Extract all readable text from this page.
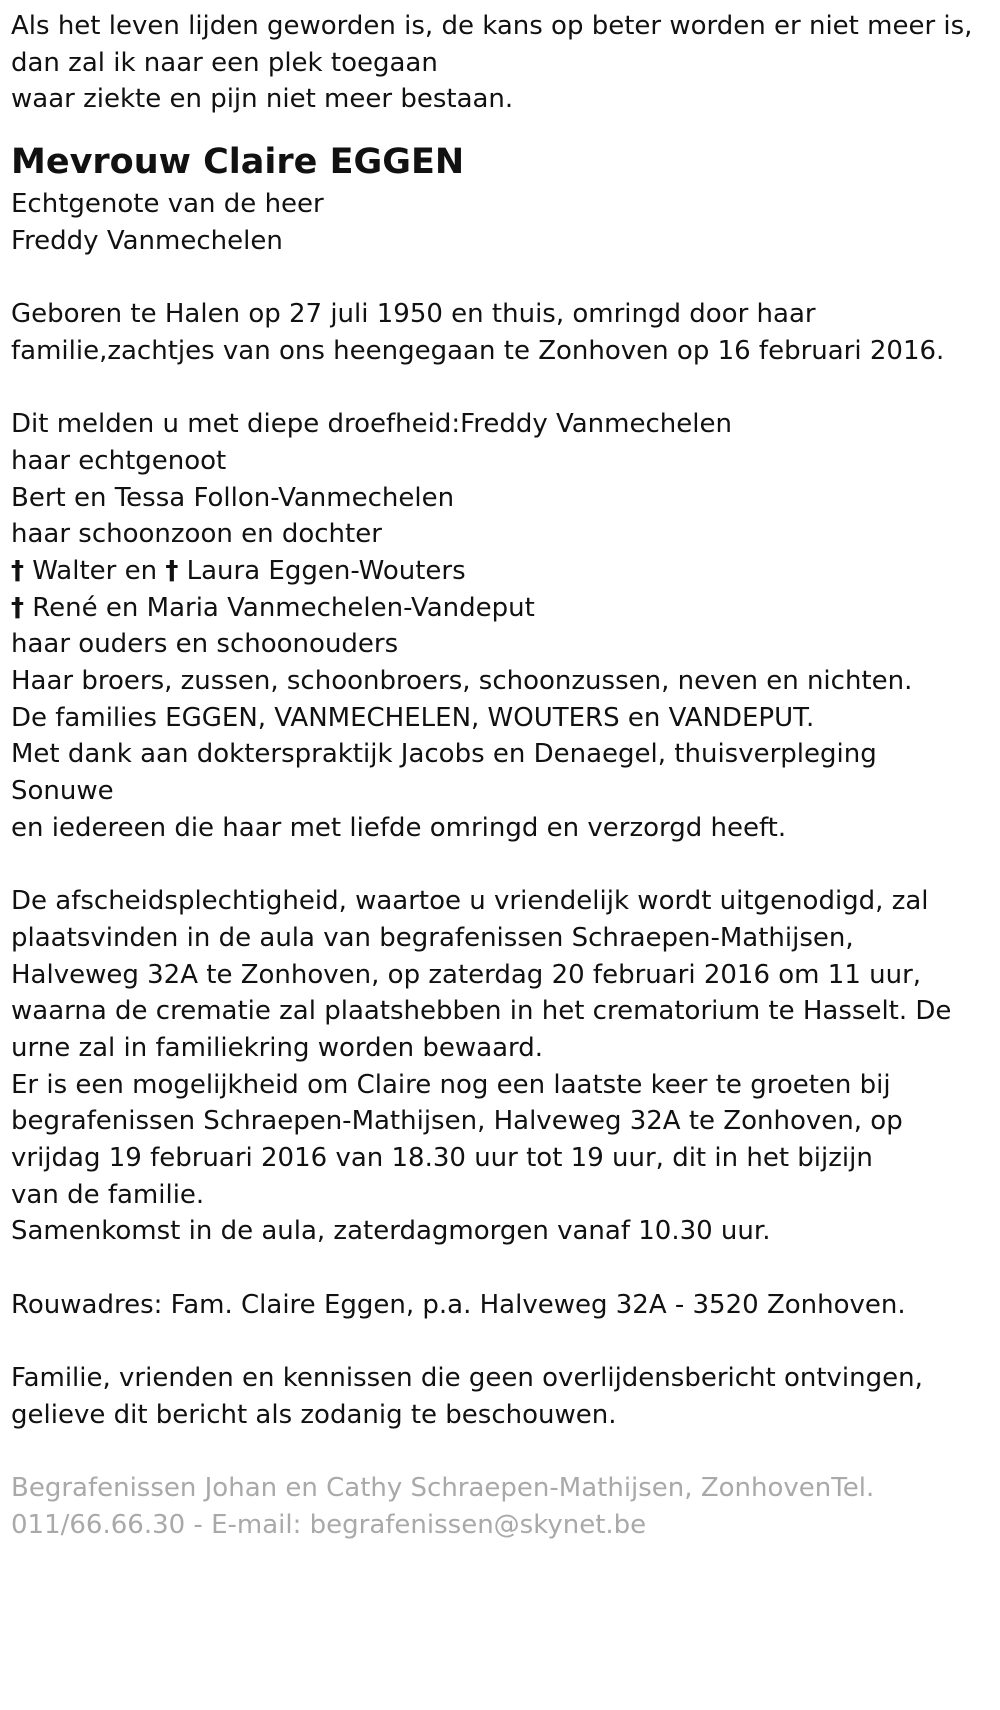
Als het leven lijden geworden is, de kans op beter worden er niet meer is,
dan zal ik naar een plek toegaan
waar ziekte en pijn niet meer bestaan.
Mevrouw Claire EGGEN
Echtgenote van de heer
Freddy Vanmechelen
Geboren te Halen op 27 juli 1950 en thuis, omringd door haar
familie,zachtjes van ons heengegaan te Zonhoven op 16 februari 2016.
Dit melden u met diepe droefheid:Freddy Vanmechelen
haar echtgenoot
Bert en Tessa Follon-Vanmechelen
haar schoonzoon en dochter
† Walter en † Laura Eggen-Wouters
† René en Maria Vanmechelen-Vandeput
haar ouders en schoonouders
Haar broers, zussen, schoonbroers, schoonzussen, neven en nichten.
De families EGGEN, VANMECHELEN, WOUTERS en VANDEPUT.
Met dank aan dokterspraktijk Jacobs en Denaegel, thuisverpleging
Sonuwe
en iedereen die haar met liefde omringd en verzorgd heeft.
De afscheidsplechtigheid, waartoe u vriendelijk wordt uitgenodigd, zal
plaatsvinden in de aula van begrafenissen Schraepen-Mathijsen,
Halveweg 32A te Zonhoven, op zaterdag 20 februari 2016 om 11 uur,
waarna de crematie zal plaatshebben in het crematorium te Hasselt. De
urne zal in familiekring worden bewaard.
Er is een mogelijkheid om Claire nog een laatste keer te groeten bij
begrafenissen Schraepen-Mathijsen, Halveweg 32A te Zonhoven, op
vrijdag 19 februari 2016 van 18.30 uur tot 19 uur, dit in het bijzijn
van de familie.
Samenkomst in de aula, zaterdagmorgen vanaf 10.30 uur.
Rouwadres: Fam. Claire Eggen, p.a. Halveweg 32A - 3520 Zonhoven.
Familie, vrienden en kennissen die geen overlijdensbericht ontvingen,
gelieve dit bericht als zodanig te beschouwen.
Begrafenissen Johan en Cathy Schraepen-Mathijsen, ZonhovenTel.
011/66.66.30 - E-mail: begrafenissen@skynet.be
